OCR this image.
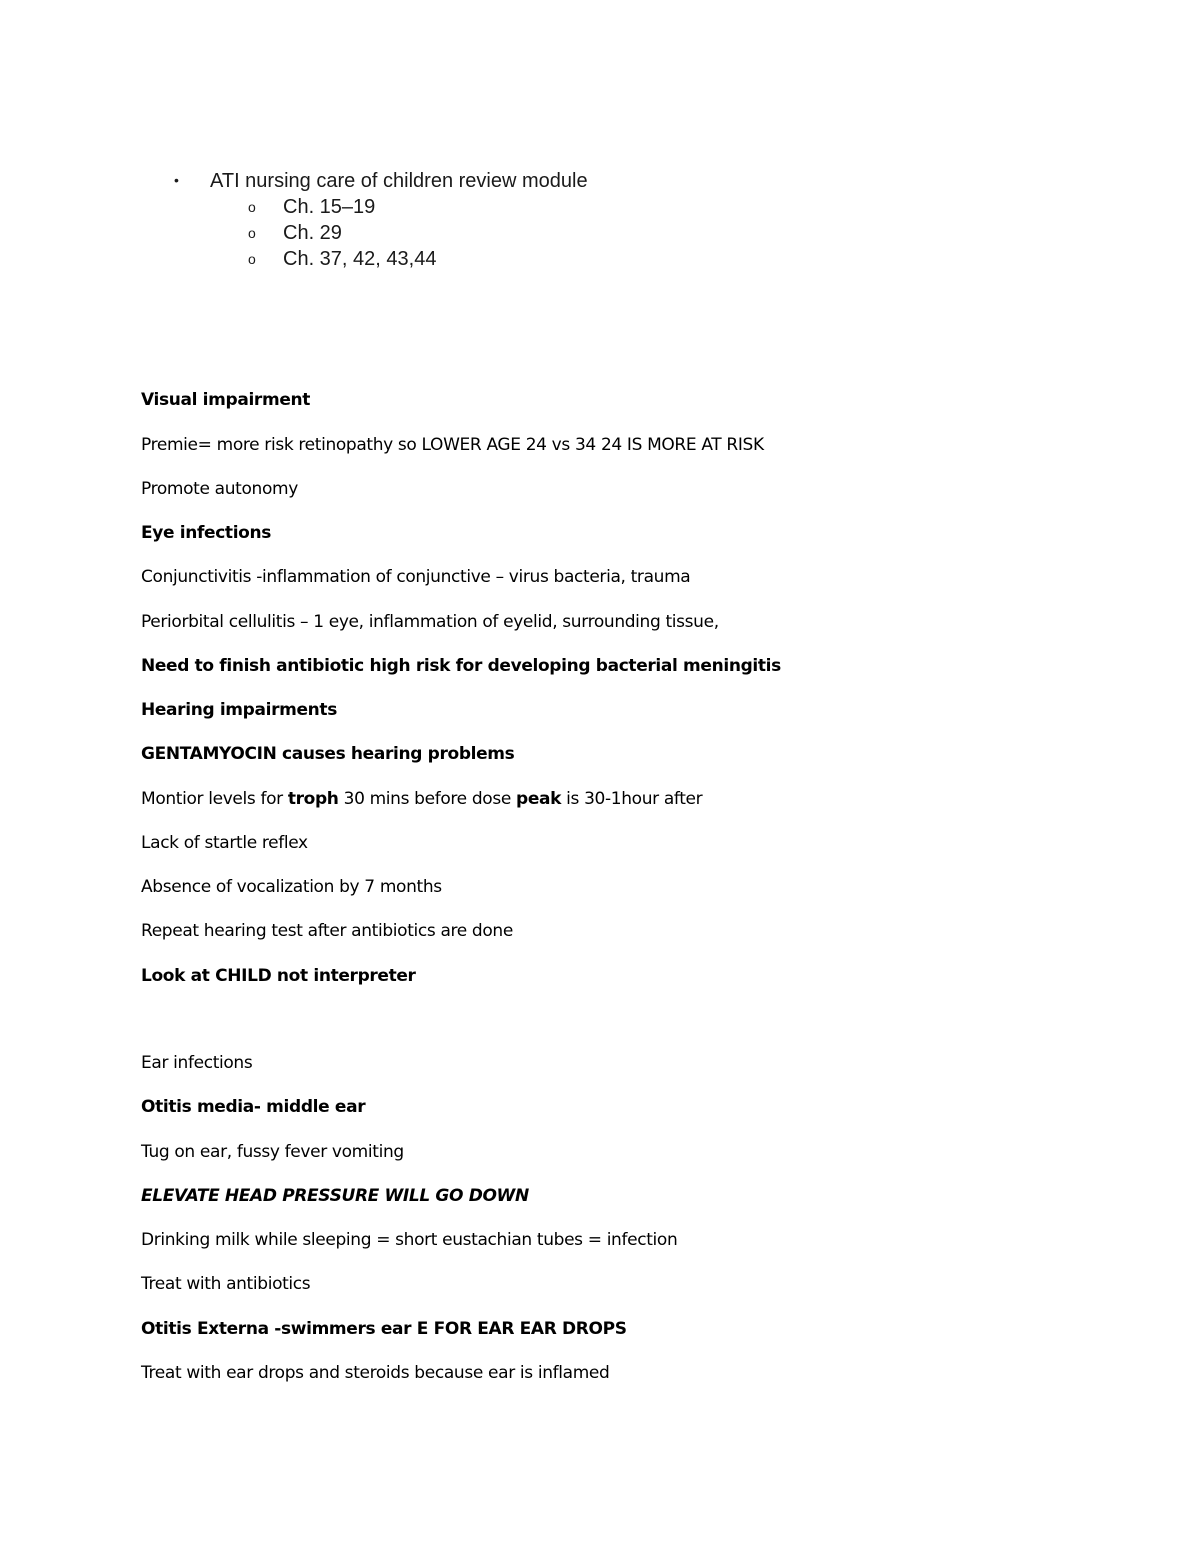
• ATI nursing care of children review module
o Ch. 15–19
o Ch. 29
o Ch. 37, 42, 43,44
Visual impairment
Premie= more risk retinopathy so LOWER AGE 24 vs 34 24 IS MORE AT RISK
Promote autonomy
Eye infections
Conjunctivitis -inflammation of conjunctive – virus bacteria, trauma
Periorbital cellulitis – 1 eye, inflammation of eyelid, surrounding tissue,
Need to finish antibiotic high risk for developing bacterial meningitis
Hearing impairments
GENTAMYOCIN causes hearing problems
Montior levels for troph 30 mins before dose peak is 30-1hour after
Lack of startle reflex
Absence of vocalization by 7 months
Repeat hearing test after antibiotics are done
Look at CHILD not interpreter
Ear infections
Otitis media- middle ear
Tug on ear, fussy fever vomiting
ELEVATE HEAD PRESSURE WILL GO DOWN
Drinking milk while sleeping = short eustachian tubes = infection
Treat with antibiotics
Otitis Externa -swimmers ear E FOR EAR EAR DROPS
Treat with ear drops and steroids because ear is inflamed
